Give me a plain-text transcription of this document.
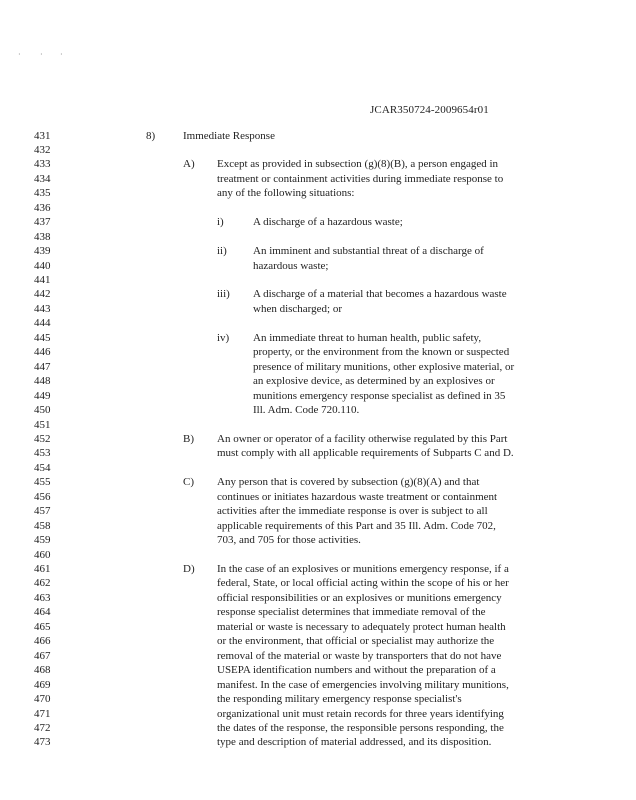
· · ·
JCAR350724-2009654r01
431
432
433
434
435
436
437
438
439
440
441
442
443
444
445
446
447
448
449
450
451
452
453
454
455
456
457
458
459
460
461
462
463
464
465
466
467
468
469
470
471
472
473
8)	Immediate Response
A) Except as provided in subsection (g)(8)(B), a person engaged in
treatment or containment activities during immediate response to
any of the following situations:
i)	A discharge of a hazardous waste;
ii) An imminent and substantial threat of a discharge of
hazardous waste;
iii) A discharge of a material that becomes a hazardous waste
when discharged; or
iv) An immediate threat to human health, public safety,
property, or the environment from the known or suspected
presence of military munitions, other explosive material, or
an explosive device, as determined by an explosives or
munitions emergency response specialist as defined in 35
Ill. Adm. Code 720.110.
B) An owner or operator of a facility otherwise regulated by this Part
must comply with all applicable requirements of Subparts C and D.
C) Any person that is covered by subsection (g)(8)(A) and that
continues or initiates hazardous waste treatment or containment
activities after the immediate response is over is subject to all
applicable requirements of this Part and 35 Ill. Adm. Code 702,
703, and 705 for those activities.
D) In the case of an explosives or munitions emergency response, if a
federal, State, or local official acting within the scope of his or her
official responsibilities or an explosives or munitions emergency
response specialist determines that immediate removal of the
material or waste is necessary to adequately protect human health
or the environment, that official or specialist may authorize the
removal of the material or waste by transporters that do not have
USEPA identification numbers and without the preparation of a
manifest. In the case of emergencies involving military munitions,
the responding military emergency response specialist's
organizational unit must retain records for three years identifying
the dates of the response, the responsible persons responding, the
type and description of material addressed, and its disposition.
